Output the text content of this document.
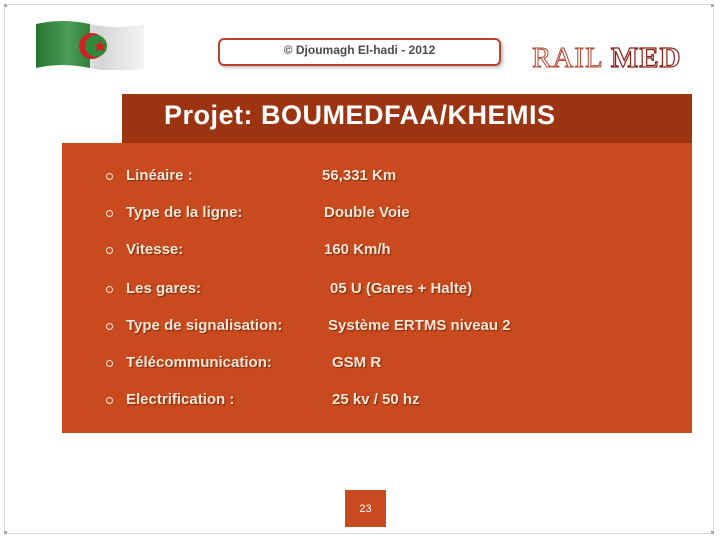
© Djoumagh El-hadi - 2012	RAIL MED
Projet: BOUMEDFAA/KHEMIS
Linéaire :	56,331 Km
Type de la ligne:	Double Voie
Vitesse:	160 Km/h
Les gares:	05 U (Gares + Halte)
Type de signalisation:	Système ERTMS niveau 2
Télécommunication:	GSM R
Electrification :	25 kv / 50 hz
23
